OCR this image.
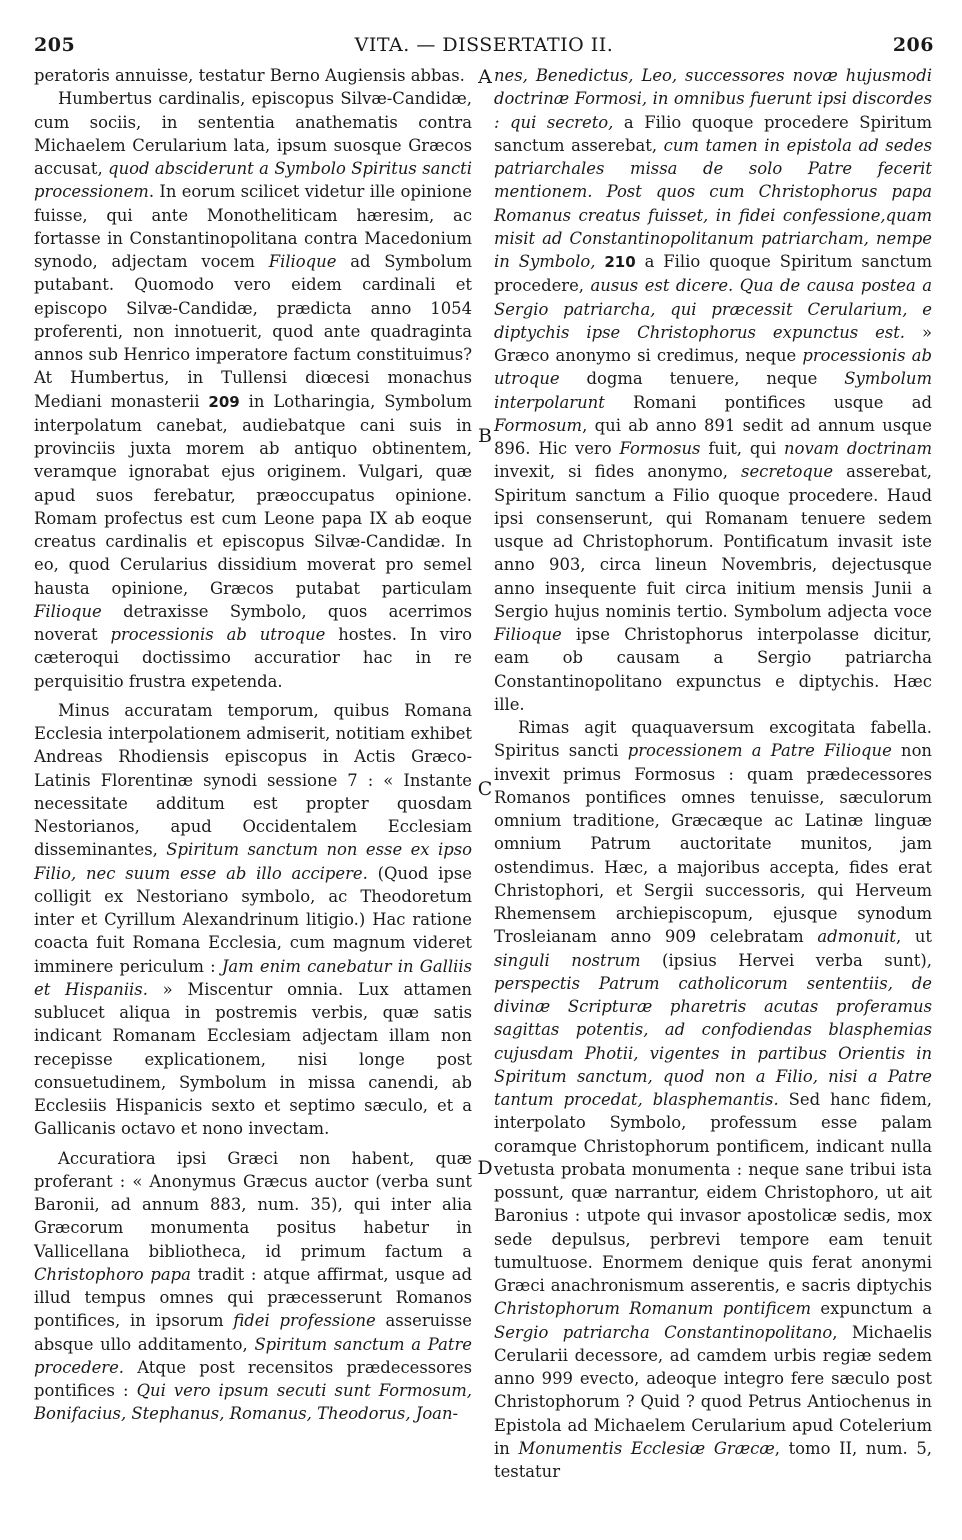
205	VITA. — DISSERTATIO II.	206
A
B
C
D

peratoris annuisse, testatur Berno Augiensis abbas.

Humbertus cardinalis, episcopus Silvæ-Candidæ, cum sociis, in sententia anathematis contra Michaelem Cerularium lata, ipsum suosque Græcos accusat, quod absciderunt a Symbolo Spiritus sancti processionem. In eorum scilicet videtur ille opinione fuisse, qui ante Monotheliticam hæresim, ac fortasse in Constantinopolitana contra Macedonium synodo, adjectam vocem Filioque ad Symbolum putabant. Quomodo vero eidem cardinali et episcopo Silvæ-Candidæ, prædicta anno 1054 proferenti, non innotuerit, quod ante quadraginta annos sub Henrico imperatore factum constituimus? At Humbertus, in Tullensi diœcesi monachus Mediani monasterii 209 in Lotharingia, Symbolum interpolatum canebat, audiebatque cani suis in provinciis juxta morem ab antiquo obtinentem, veramque ignorabat ejus originem. Vulgari, quæ apud suos ferebatur, præoccupatus opinione. Romam profectus est cum Leone papa IX ab eoque creatus cardinalis et episcopus Silvæ-Candidæ. In eo, quod Cerularius dissidium moverat pro semel hausta opinione, Græcos putabat particulam Filioque detraxisse Symbolo, quos acerrimos noverat processionis ab utroque hostes. In viro cæteroqui doctissimo accuratior hac in re perquisitio frustra expetenda.

Minus accuratam temporum, quibus Romana Ecclesia interpolationem admiserit, notitiam exhibet Andreas Rhodiensis episcopus in Actis Græco-Latinis Florentinæ synodi sessione 7 : « Instante necessitate additum est propter quosdam Nestorianos, apud Occidentalem Ecclesiam disseminantes, Spiritum sanctum non esse ex ipso Filio, nec suum esse ab illo accipere. (Quod ipse colligit ex Nestoriano symbolo, ac Theodoretum inter et Cyrillum Alexandrinum litigio.) Hac ratione coacta fuit Romana Ecclesia, cum magnum videret imminere periculum : Jam enim canebatur in Galliis et Hispaniis. » Miscentur omnia. Lux attamen sublucet aliqua in postremis verbis, quæ satis indicant Romanam Ecclesiam adjectam illam non recepisse explicationem, nisi longe post consuetudinem, Symbolum in missa canendi, ab Ecclesiis Hispanicis sexto et septimo sæculo, et a Gallicanis octavo et nono invectam.

Accuratiora ipsi Græci non habent, quæ proferant : « Anonymus Græcus auctor (verba sunt Baronii, ad annum 883, num. 35), qui inter alia Græcorum monumenta positus habetur in Vallicellana bibliotheca, id primum factum a Christophoro papa tradit : atque affirmat, usque ad illud tempus omnes qui præcesserunt Romanos pontifices, in ipsorum fidei professione asseruisse absque ullo additamento, Spiritum sanctum a Patre procedere. Atque post recensitos prædecessores pontifices : Qui vero ipsum secuti sunt Formosum, Bonifacius, Stephanus, Romanus, Theodorus, Joan-

nes, Benedictus, Leo, successores novæ hujusmodi doctrinæ Formosi, in omnibus fuerunt ipsi discordes : qui secreto, a Filio quoque procedere Spiritum sanctum asserebat, cum tamen in epistola ad sedes patriarchales missa de solo Patre fecerit mentionem. Post quos cum Christophorus papa Romanus creatus fuisset, in fidei confessione,quam misit ad Constantinopolitanum patriarcham, nempe in Symbolo, 210 a Filio quoque Spiritum sanctum procedere, ausus est dicere. Qua de causa postea a Sergio patriarcha, qui præcessit Cerularium, e diptychis ipse Christophorus expunctus est. » Græco anonymo si credimus, neque processionis ab utroque dogma tenuere, neque Symbolum interpolarunt Romani pontifices usque ad Formosum, qui ab anno 891 sedit ad annum usque 896. Hic vero Formosus fuit, qui novam doctrinam invexit, si fides anonymo, secretoque asserebat, Spiritum sanctum a Filio quoque procedere. Haud ipsi consenserunt, qui Romanam tenuere sedem usque ad Christophorum. Pontificatum invasit iste anno 903, circa lineun Novembris, dejectusque anno insequente fuit circa initium mensis Junii a Sergio hujus nominis tertio. Symbolum adjecta voce Filioque ipse Christophorus interpolasse dicitur, eam ob causam a Sergio patriarcha Constantinopolitano expunctus e diptychis. Hæc ille.

Rimas agit quaquaversum excogitata fabella. Spiritus sancti processionem a Patre Filioque non invexit primus Formosus : quam prædecessores Romanos pontifices omnes tenuisse, sæculorum omnium traditione, Græcæque ac Latinæ linguæ omnium Patrum auctoritate munitos, jam ostendimus. Hæc, a majoribus accepta, fides erat Christophori, et Sergii successoris, qui Herveum Rhemensem archiepiscopum, ejusque synodum Trosleianam anno 909 celebratam admonuit, ut singuli nostrum (ipsius Hervei verba sunt), perspectis Patrum catholicorum sententiis, de divinæ Scripturæ pharetris acutas proferamus sagittas potentis, ad confodiendas blasphemias cujusdam Photii, vigentes in partibus Orientis in Spiritum sanctum, quod non a Filio, nisi a Patre tantum procedat, blasphemantis. Sed hanc fidem, interpolato Symbolo, professum esse palam coramque Christophorum pontificem, indicant nulla vetusta probata monumenta : neque sane tribui ista possunt, quæ narrantur, eidem Christophoro, ut ait Baronius : utpote qui invasor apostolicæ sedis, mox sede depulsus, perbrevi tempore eam tenuit tumultuose. Enormem denique quis ferat anonymi Græci anachronismum asserentis, e sacris diptychis Christophorum Romanum pontificem expunctum a Sergio patriarcha Constantinopolitano, Michaelis Cerularii decessore, ad camdem urbis regiæ sedem anno 999 evecto, adeoque integro fere sæculo post Christophorum ? Quid ? quod Petrus Antiochenus in Epistola ad Michaelem Cerularium apud Cotelerium in Monumentis Ecclesiæ Græcæ, tomo II, num. 5, testatur
